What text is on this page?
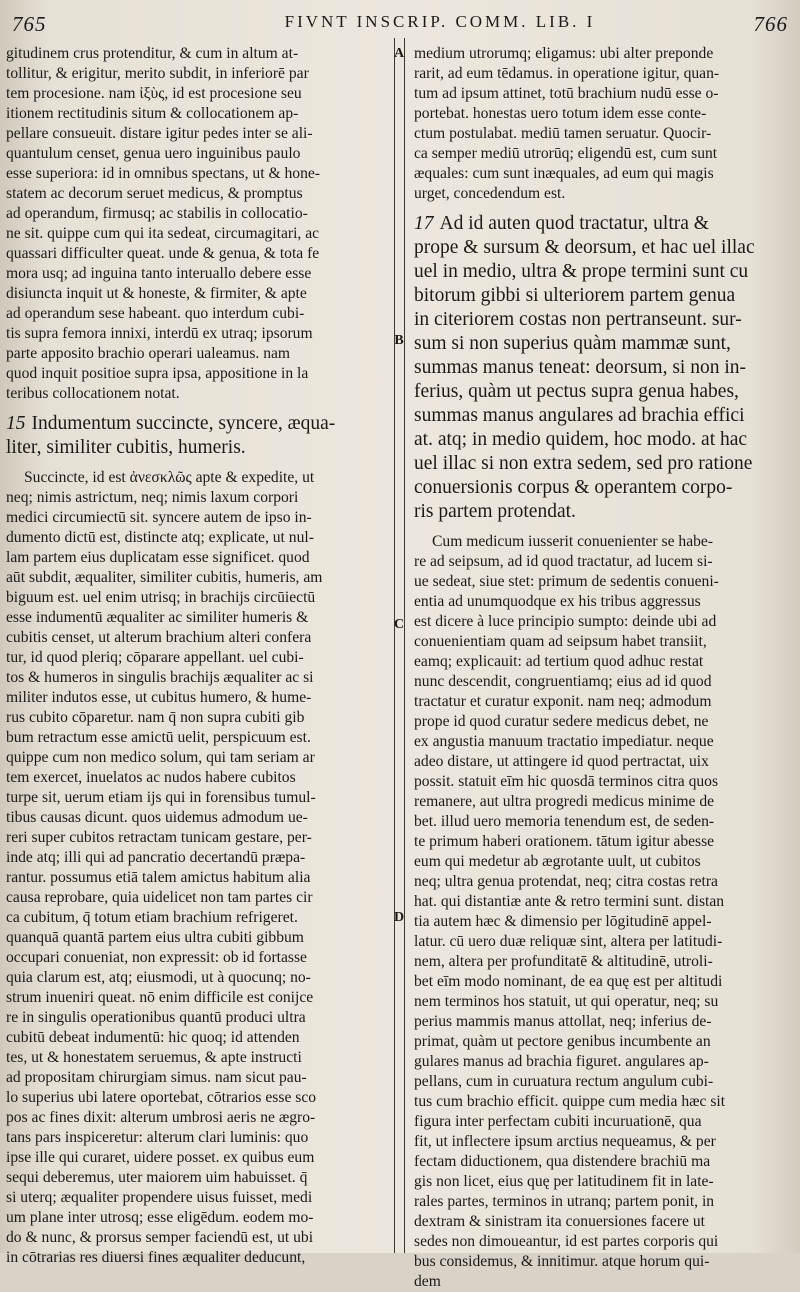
765	FIVNT INSCRIP. COMM. LIB. I	766
A
B
C
D

gitudinem crus protenditur, & cum in altum at-

tollitur, & erigitur, merito subdit, in inferiorē par

tem procesione. nam ἰξὺς, id est procesione seu

itionem rectitudinis situm & collocationem ap-

pellare consueuit. distare igitur pedes inter se ali-

quantulum censet, genua uero inguinibus paulo

esse superiora: id in omnibus spectans, ut & hone-

statem ac decorum seruet medicus, & promptus

ad operandum, firmusq; ac stabilis in collocatio-

ne sit. quippe cum qui ita sedeat, circumagitari, ac

quassari difficulter queat. unde & genua, & tota fe

mora usq; ad inguina tanto interuallo debere esse

disiuncta inquit ut & honeste, & firmiter, & apte

ad operandum sese habeant. quo interdum cubi-

tis supra femora innixi, interdū ex utraq; ipsorum

parte apposito brachio operari ualeamus. nam

quod inquit positioe supra ipsa, appositione in la

teribus collocationem notat.

15 Indumentum succincte, syncere, æqua-

liter, similiter cubitis, humeris.

Succincte, id est ἀνεσκλῶς apte & expedite, ut

neq; nimis astrictum, neq; nimis laxum corpori

medici circumiectū sit. syncere autem de ipso in-

dumento dictū est, distincte atq; explicate, ut nul-

lam partem eius duplicatam esse significet. quod

aūt subdit, æqualiter, similiter cubitis, humeris, am

biguum est. uel enim utrisq; in brachijs circūiectū

esse indumentū æqualiter ac similiter humeris &

cubitis censet, ut alterum brachium alteri confera

tur, id quod pleriq; cōparare appellant. uel cubi-

tos & humeros in singulis brachijs æqualiter ac si

militer indutos esse, ut cubitus humero, & hume-

rus cubito cōparetur. nam q̄ non supra cubiti gib

bum retractum esse amictū uelit, perspicuum est.

quippe cum non medico solum, qui tam seriam ar

tem exercet, inuelatos ac nudos habere cubitos

turpe sit, uerum etiam ijs qui in forensibus tumul-

tibus causas dicunt. quos uidemus admodum ue-

reri super cubitos retractam tunicam gestare, per-

inde atq; illi qui ad pancratio decertandū præpa-

rantur. possumus etiā talem amictus habitum alia

causa reprobare, quia uidelicet non tam partes cir

ca cubitum, q̄ totum etiam brachium refrigeret.

quanquā quantā partem eius ultra cubiti gibbum

occupari conueniat, non expressit: ob id fortasse

quia clarum est, atq; eiusmodi, ut à quocunq; no-

strum inueniri queat. nō enim difficile est conijce

re in singulis operationibus quantū produci ultra

cubitū debeat indumentū: hic quoq; id attenden

tes, ut & honestatem seruemus, & apte instructi

ad propositam chirurgiam simus. nam sicut pau-

lo superius ubi latere oportebat, cōtrarios esse sco

pos ac fines dixit: alterum umbrosi aeris ne ægro-

tans pars inspiceretur: alterum clari luminis: quo

ipse ille qui curaret, uidere posset. ex quibus eum

sequi deberemus, uter maiorem uim habuisset. q̄

si uterq; æqualiter propendere uisus fuisset, medi

um plane inter utrosq; esse eligēdum. eodem mo-

do & nunc, & prorsus semper faciendū est, ut ubi

in cōtrarias res diuersi fines æqualiter deducunt,

medium utrorumq; eligamus: ubi alter preponde

rarit, ad eum tēdamus. in operatione igitur, quan-

tum ad ipsum attinet, totū brachium nudū esse o-

portebat. honestas uero totum idem esse conte-

ctum postulabat. mediū tamen seruatur. Quocir-

ca semper mediū utrorūq; eligendū est, cum sunt

æquales: cum sunt inæquales, ad eum qui magis

urget, concedendum est.

17 Ad id auten quod tractatur, ultra &

prope & sursum & deorsum, et hac uel illac

uel in medio, ultra & prope termini sunt cu

bitorum gibbi si ulteriorem partem genua

in citeriorem costas non pertranseunt. sur-

sum si non superius quàm mammæ sunt,

summas manus teneat: deorsum, si non in-

ferius, quàm ut pectus supra genua habes,

summas manus angulares ad brachia effici

at. atq; in medio quidem, hoc modo. at hac

uel illac si non extra sedem, sed pro ratione

conuersionis corpus & operantem corpo-

ris partem protendat.

Cum medicum iusserit conuenienter se habe-

re ad seipsum, ad id quod tractatur, ad lucem si-

ue sedeat, siue stet: primum de sedentis conueni-

entia ad unumquodque ex his tribus aggressus

est dicere à luce principio sumpto: deinde ubi ad

conuenientiam quam ad seipsum habet transiit,

eamq; explicauit: ad tertium quod adhuc restat

nunc descendit, congruentiamq; eius ad id quod

tractatur et curatur exponit. nam neq; admodum

prope id quod curatur sedere medicus debet, ne

ex angustia manuum tractatio impediatur. neque

adeo distare, ut attingere id quod pertractat, uix

possit. statuit eīm hic quosdā terminos citra quos

remanere, aut ultra progredi medicus minime de

bet. illud uero memoria tenendum est, de seden-

te primum haberi orationem. tātum igitur abesse

eum qui medetur ab ægrotante uult, ut cubitos

neq; ultra genua protendat, neq; citra costas retra

hat. qui distantiæ ante & retro termini sunt. distan

tia autem hæc & dimensio per lōgitudinē appel-

latur. cū uero duæ reliquæ sint, altera per latitudi-

nem, altera per profunditatē & altitudinē, utroli-

bet eīm modo nominant, de ea quę est per altitudi

nem terminos hos statuit, ut qui operatur, neq; su

perius mammis manus attollat, neq; inferius de-

primat, quàm ut pectore genibus incumbente an

gulares manus ad brachia figuret. angulares ap-

pellans, cum in curuatura rectum angulum cubi-

tus cum brachio efficit. quippe cum media hæc sit

figura inter perfectam cubiti incuruationē, qua

fit, ut inflectere ipsum arctius nequeamus, & per

fectam diductionem, qua distendere brachiū ma

gis non licet, eius quę per latitudinem fit in late-

rales partes, terminos in utranq; partem ponit, in

dextram & sinistram ita conuersiones facere ut

sedes non dimoueantur, id est partes corporis qui

bus considemus, & innitimur. atque horum qui-

dem
